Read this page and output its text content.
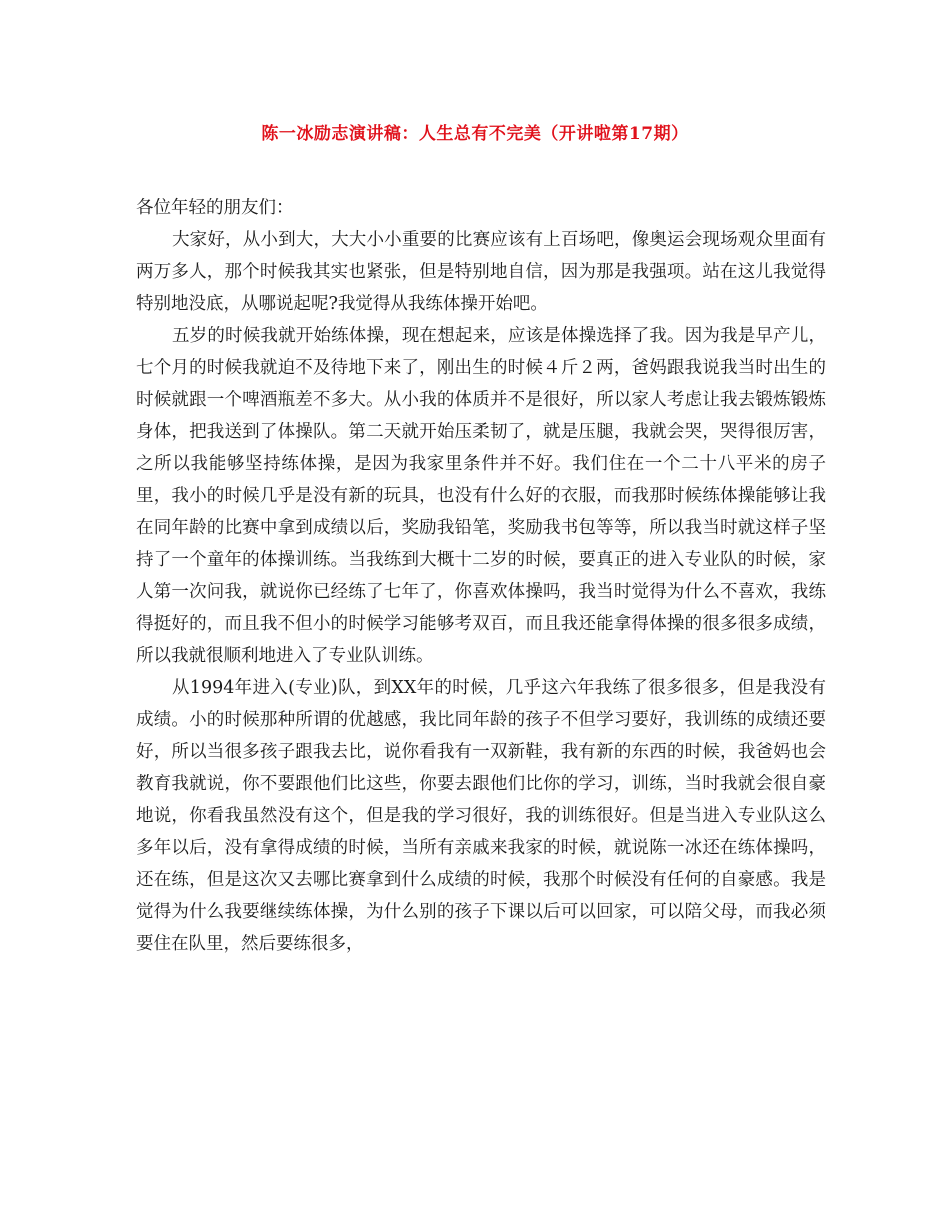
陈一冰励志演讲稿：人生总有不完美（开讲啦第17期）

各位年轻的朋友们：

大家好，从小到大，大大小小重要的比赛应该有上百场吧，像奥运会现场观众里面有两万多人，那个时候我其实也紧张，但是特别地自信，因为那是我强项。站在这儿我觉得特别地没底，从哪说起呢?我觉得从我练体操开始吧。

五岁的时候我就开始练体操，现在想起来，应该是体操选择了我。因为我是早产儿，七个月的时候我就迫不及待地下来了，刚出生的时候４斤２两，爸妈跟我说我当时出生的时候就跟一个啤酒瓶差不多大。从小我的体质并不是很好，所以家人考虑让我去锻炼锻炼身体，把我送到了体操队。第二天就开始压柔韧了，就是压腿，我就会哭，哭得很厉害，之所以我能够坚持练体操，是因为我家里条件并不好。我们住在一个二十八平米的房子里，我小的时候几乎是没有新的玩具，也没有什么好的衣服，而我那时候练体操能够让我在同年龄的比赛中拿到成绩以后，奖励我铅笔，奖励我书包等等，所以我当时就这样子坚持了一个童年的体操训练。当我练到大概十二岁的时候，要真正的进入专业队的时候，家人第一次问我，就说你已经练了七年了，你喜欢体操吗，我当时觉得为什么不喜欢，我练得挺好的，而且我不但小的时候学习能够考双百，而且我还能拿得体操的很多很多成绩，所以我就很顺利地进入了专业队训练。

从1994年进入(专业)队，到XX年的时候，几乎这六年我练了很多很多，但是我没有成绩。小的时候那种所谓的优越感，我比同年龄的孩子不但学习要好，我训练的成绩还要好，所以当很多孩子跟我去比，说你看我有一双新鞋，我有新的东西的时候，我爸妈也会教育我就说，你不要跟他们比这些，你要去跟他们比你的学习，训练，当时我就会很自豪地说，你看我虽然没有这个，但是我的学习很好，我的训练很好。但是当进入专业队这么多年以后，没有拿得成绩的时候，当所有亲戚来我家的时候，就说陈一冰还在练体操吗，还在练，但是这次又去哪比赛拿到什么成绩的时候，我那个时候没有任何的自豪感。我是觉得为什么我要继续练体操，为什么别的孩子下课以后可以回家，可以陪父母，而我必须要住在队里，然后要练很多，
